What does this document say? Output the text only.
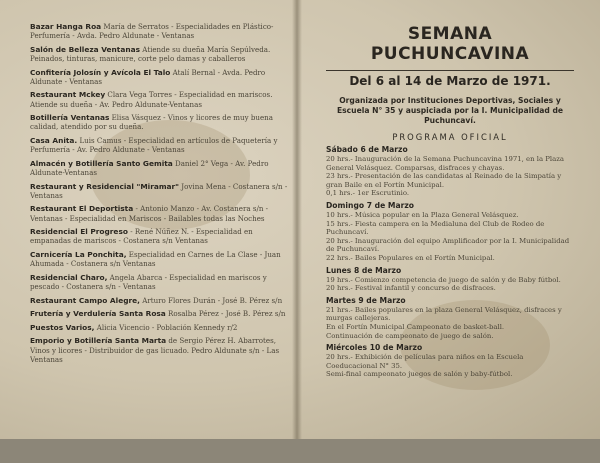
Bazar Hanga Roa María de Serratos - Especialidades en Plástico-Perfumería - Avda. Pedro Aldunate - Ventanas
Salón de Belleza Ventanas Atiende su dueña María Sepúlveda. Peinados, tinturas, manicure, corte pelo damas y caballeros
Confitería Jolosín y Avícola El Talo Atalí Bernal - Avda. Pedro Aldunate - Ventanas
Restaurant Mckey Clara Vega Torres - Especialidad en mariscos. Atiende su dueña - Av. Pedro Aldunate-Ventanas
Botillería Ventanas Elisa Vásquez - Vinos y licores de muy buena calidad, atendido por su dueña.
Casa Anita. Luis Camus - Especialidad en artículos de Paquetería y Perfumería - Av. Pedro Aldunate - Ventanas
Almacén y Botillería Santo Gemita Daniel 2° Vega - Av. Pedro Aldunate-Ventanas
Restaurant y Residencial "Miramar" Jovina Mena - Costanera s/n - Ventanas
Restaurant El Deportista - Antonio Manzo - Av. Costanera s/n - Ventanas - Especialidad en Mariscos - Bailables todas las Noches
Residencial El Progreso - René Núñez N. - Especialidad en empanadas de mariscos - Costanera s/n Ventanas
Carnicería La Ponchita, Especialidad en Carnes de La Clase - Juan Ahumada - Costanera s/n Ventanas
Residencial Charo, Angela Abarca - Especialidad en mariscos y pescado - Costanera s/n - Ventanas
Restaurant Campo Alegre, Arturo Flores Durán - José B. Pérez s/n
Frutería y Verdulería Santa Rosa Rosalba Pérez - José B. Pérez s/n
Puestos Varios, Alicia Vicencio - Población Kennedy r/2
Emporio y Botillería Santa Marta de Sergio Pérez H. Abarrotes, Vinos y licores - Distribuidor de gas licuado. Pedro Aldunate s/n - Las Ventanas
SEMANA PUCHUNCAVINA
Del 6 al 14 de Marzo de 1971.
Organizada por Instituciones Deportivas, Sociales y Escuela N° 35 y auspiciada por la I. Municipalidad de Puchuncaví.
PROGRAMA OFICIAL
Sábado 6 de Marzo
20 hrs.- Inauguración de la Semana Puchuncavina 1971, en la Plaza General Velásquez. Comparsas, disfraces y chayas.
23 hrs.- Presentación de las candidatas al Reinado de la Simpatía y gran Baile en el Fortín Municipal.
0,1 hrs.- 1er Escrutinio.
Domingo 7 de Marzo
10 hrs.- Música popular en la Plaza General Velásquez.
15 hrs.- Fiesta campera en la Medialuna del Club de Rodeo de Puchuncaví.
20 hrs.- Inauguración del equipo Amplificador por la I. Municipalidad de Puchuncaví.
22 hrs.- Bailes Populares en el Fortín Municipal.
Lunes 8 de Marzo
19 hrs.- Comienzo competencia de juego de salón y de Baby fútbol.
20 hrs.- Festival infantil y concurso de disfraces.
Martes 9 de Marzo
21 hrs.- Bailes populares en la plaza General Velásquez, disfraces y murgas callejeras.
En el Fortín Municipal Campeonato de basket-ball.
Continuación de campeonato de juego de salón.
Miércoles 10 de Marzo
20 hrs.- Exhibición de películas para niños en la Escuela Coeducacional N° 35.
Semi-final campeonato juegos de salón y baby-fútbol.
